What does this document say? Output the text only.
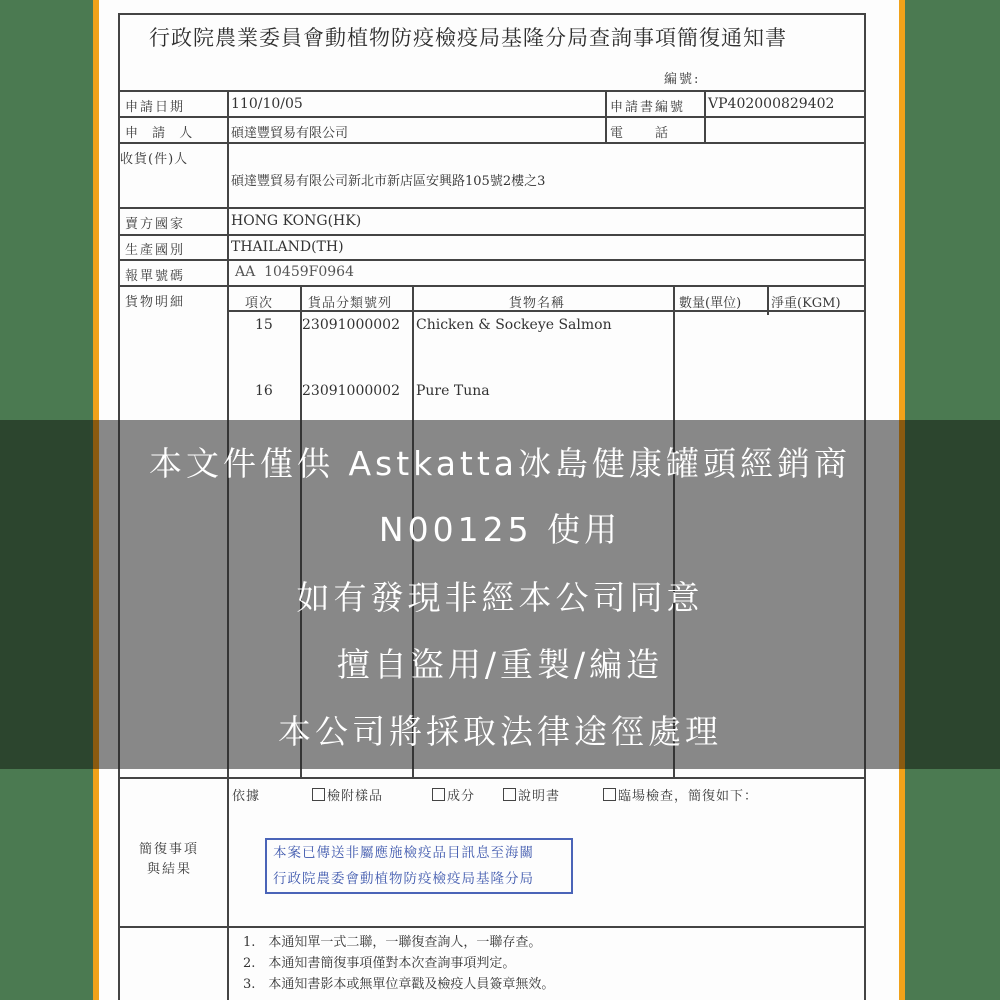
行政院農業委員會動植物防疫檢疫局基隆分局查詢事項簡復通知書
編號:
申請日期	110/10/05	申請書編號 VP402000829402
申 請 人	碩達豐貿易有限公司	電　　話
收貨(件)人
碩達豐貿易有限公司新北市新店區安興路105號2樓之3
賣方國家	HONG KONG(HK)
生產國別	THAILAND(TH)
報單號碼	AA  10459F0964
貨物明細	項次	貨品分類號列	貨物名稱	數量(單位) 淨重(KGM)
15 23091000002 Chicken & Sockeye Salmon
16 23091000002 Pure Tuna
簡復事項
與結果
依據	檢附樣品	成分	說明書	臨場檢查，簡復如下：
本案已傳送非屬應施檢疫品目訊息至海關
行政院農委會動植物防疫檢疫局基隆分局
1.　本通知單一式二聯，一聯復查詢人，一聯存查。
2.　本通知書簡復事項僅對本次查詢事項判定。
3.　本通知書影本或無單位章戳及檢疫人員簽章無效。
本文件僅供 Astkatta冰島健康罐頭經銷商
N00125 使用
如有發現非經本公司同意
擅自盜用/重製/編造
本公司將採取法律途徑處理
